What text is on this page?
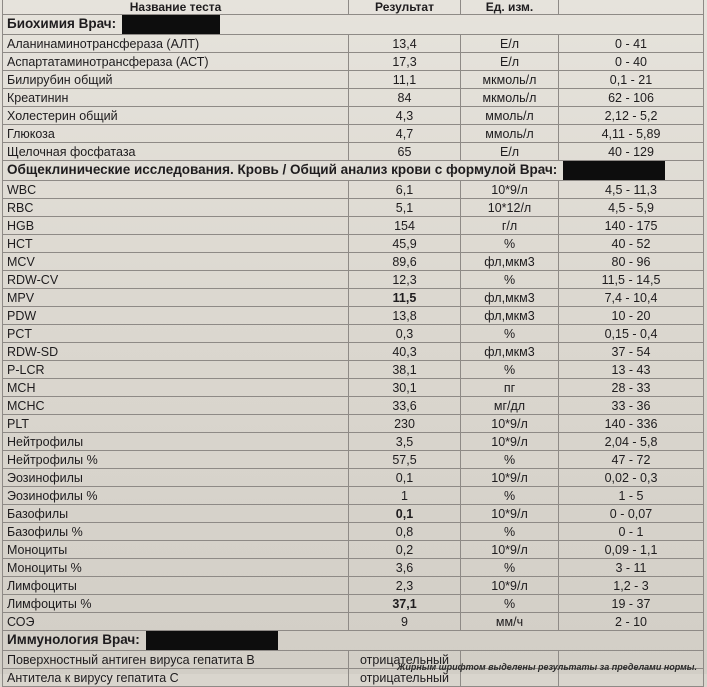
Название теста	Результат	Ед. изм.	
Биохимия Врач:			
Аланинаминотрансфераза (АЛТ)	13,4	Е/л	0 - 41
Аспартатаминотрансфераза (АСТ)	17,3	Е/л	0 - 40
Билирубин общий	11,1	мкмоль/л	0,1 - 21
Креатинин	84	мкмоль/л	62 - 106
Холестерин общий	4,3	ммоль/л	2,12 - 5,2
Глюкоза	4,7	ммоль/л	4,11 - 5,89
Щелочная фосфатаза	65	Е/л	40 - 129
Общеклинические исследования. Кровь / Общий анализ крови с формулой Врач:			
WBC	6,1	10*9/л	4,5 - 11,3
RBC	5,1	10*12/л	4,5 - 5,9
HGB	154	г/л	140 - 175
HCT	45,9	%	40 - 52
MCV	89,6	фл,мкм3	80 - 96
RDW-CV	12,3	%	11,5 - 14,5
MPV	11,5	фл,мкм3	7,4 - 10,4
PDW	13,8	фл,мкм3	10 - 20
PCT	0,3	%	0,15 - 0,4
RDW-SD	40,3	фл,мкм3	37 - 54
P-LCR	38,1	%	13 - 43
MCH	30,1	пг	28 - 33
MCHC	33,6	мг/дл	33 - 36
PLT	230	10*9/л	140 - 336
Нейтрофилы	3,5	10*9/л	2,04 - 5,8
Нейтрофилы %	57,5	%	47 - 72
Эозинофилы	0,1	10*9/л	0,02 - 0,3
Эозинофилы %	1	%	1 - 5
Базофилы	0,1	10*9/л	0 - 0,07
Базофилы %	0,8	%	0 - 1
Моноциты	0,2	10*9/л	0,09 - 1,1
Моноциты %	3,6	%	3 - 11
Лимфоциты	2,3	10*9/л	1,2 - 3
Лимфоциты %	37,1	%	19 - 37
СОЭ	9	мм/ч	2 - 10
Иммунология Врач:			
Поверхностный антиген вируса гепатита В	отрицательный		
Антитела к вирусу гепатита С	отрицательный		
Жирным шрифтом выделены результаты за пределами нормы.
